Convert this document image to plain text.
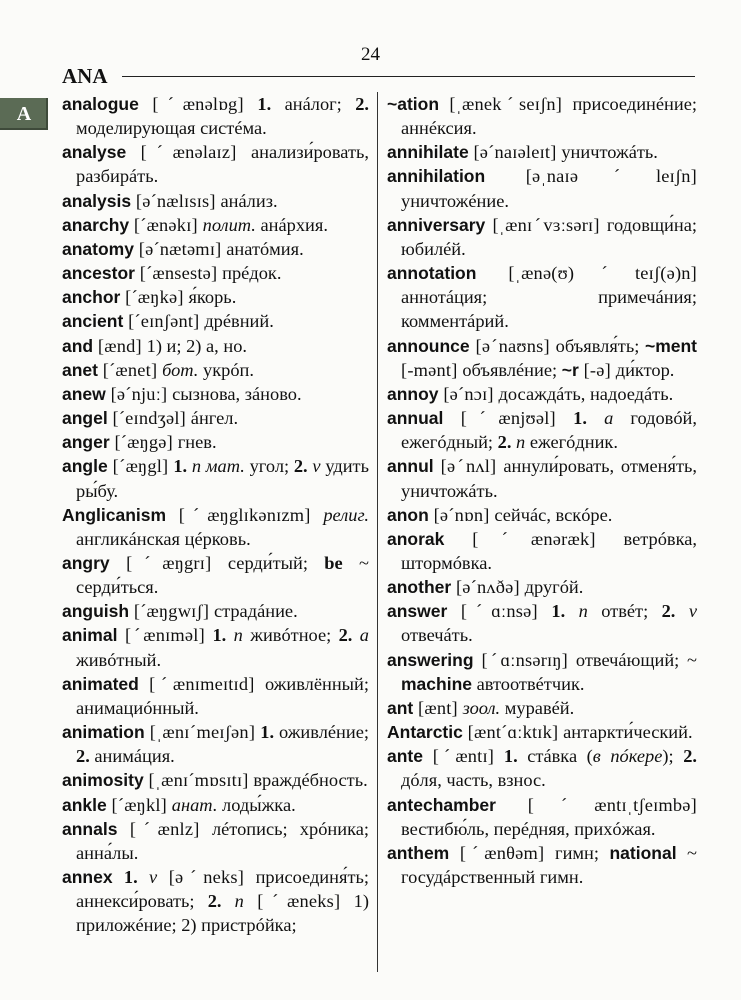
24
ANA
A	analogue [ˊænəlɒg] 1. анáлог; 2. моделирующая систéма.

analyse [ˊænəlaɪz] анализи́ровать, разбирáть.

analysis [əˊnælɪsɪs] анáлиз.

anarchy [ˊænəkɪ] полит. анáрхия.

anatomy [əˊnætəmɪ] анатóмия.

ancestor [ˊænsestə] прéдок.

anchor [ˊæŋkə] я́корь.

ancient [ˊeɪnʃənt] дрéвний.

and [ænd] 1) и; 2) а, но.

anet [ˊænet] бот. укрóп.

anew [əˊnjuː] сызнова, зáново.

angel [ˊeɪndʒəl] áнгел.

anger [ˊæŋgə] гнев.

angle [ˊæŋgl] 1. n мат. угол; 2. v удить ры́бу.

Anglicanism [ˊæŋglɪkənɪzm] религ. англикáнская цéрковь.

angry [ˊæŋgrɪ] серди́тый; be ~ серди́ться.

anguish [ˊæŋgwɪʃ] страдáние.

animal [ˊænɪməl] 1. n живóтное; 2. a живóтный.

animated [ˊænɪmeɪtɪd] оживлённый; анимациóнный.

animation [ˌænɪˊmeɪʃən] 1. оживлéние; 2. анимáция.

animosity [ˌænɪˊmɒsɪtɪ] враждéбность.

ankle [ˊæŋkl] анат. лоды́жка.

annals [ˊænlz] лéтопись; хрóника; анна́лы.

annex 1. v [əˊneks] присоединя́ть; аннекси́ровать; 2. n [ˊæneks] 1) приложéние; 2) пристрóйка;

~ation [ˌænekˊseɪʃn] присоединéние; аннéксия.

annihilate [əˊnaɪəleɪt] уничтожáть.

annihilation [əˌnaɪəˊleɪʃn] уничтожéние.

anniversary [ˌænɪˊvɜːsərɪ] годовщи́на; юбилéй.

annotation [ˌænə(ʊ)ˊteɪʃ(ə)n] аннотáция; примечáния; комментáрий.

announce [əˊnaʊns] объявля́ть; ~ment [-mənt] объявлéние; ~r [-ə] ди́ктор.

annoy [əˊnɔɪ] досаждáть, надоедáть.

annual [ˊænjʊəl] 1. a годовóй, ежегóдный; 2. n ежегóдник.

annul [əˊnʌl] аннули́ровать, отменя́ть, уничтожáть.

anon [əˊnɒn] сейчáс, вскóре.

anorak [ˊænəræk] ветрóвка, штормóвка.

another [əˊnʌðə] другóй.

answer [ˊɑːnsə] 1. n отвéт; 2. v отвечáть.

answering [ˊɑːnsərɪŋ] отвечáющий; ~ machine автоотвéтчик.

ant [ænt] зоол. муравéй.

Antarctic [æntˊɑːktɪk] антаркти́ческий.

ante [ˊæntɪ] 1. стáвка (в пóкере); 2. дóля, часть, взнос.

antechamber [ˊæntɪˌtʃeɪmbə] вестибю́ль, перéдняя, прихóжая.

anthem [ˊænθəm] гимн; national ~ госудáрственный гимн.
